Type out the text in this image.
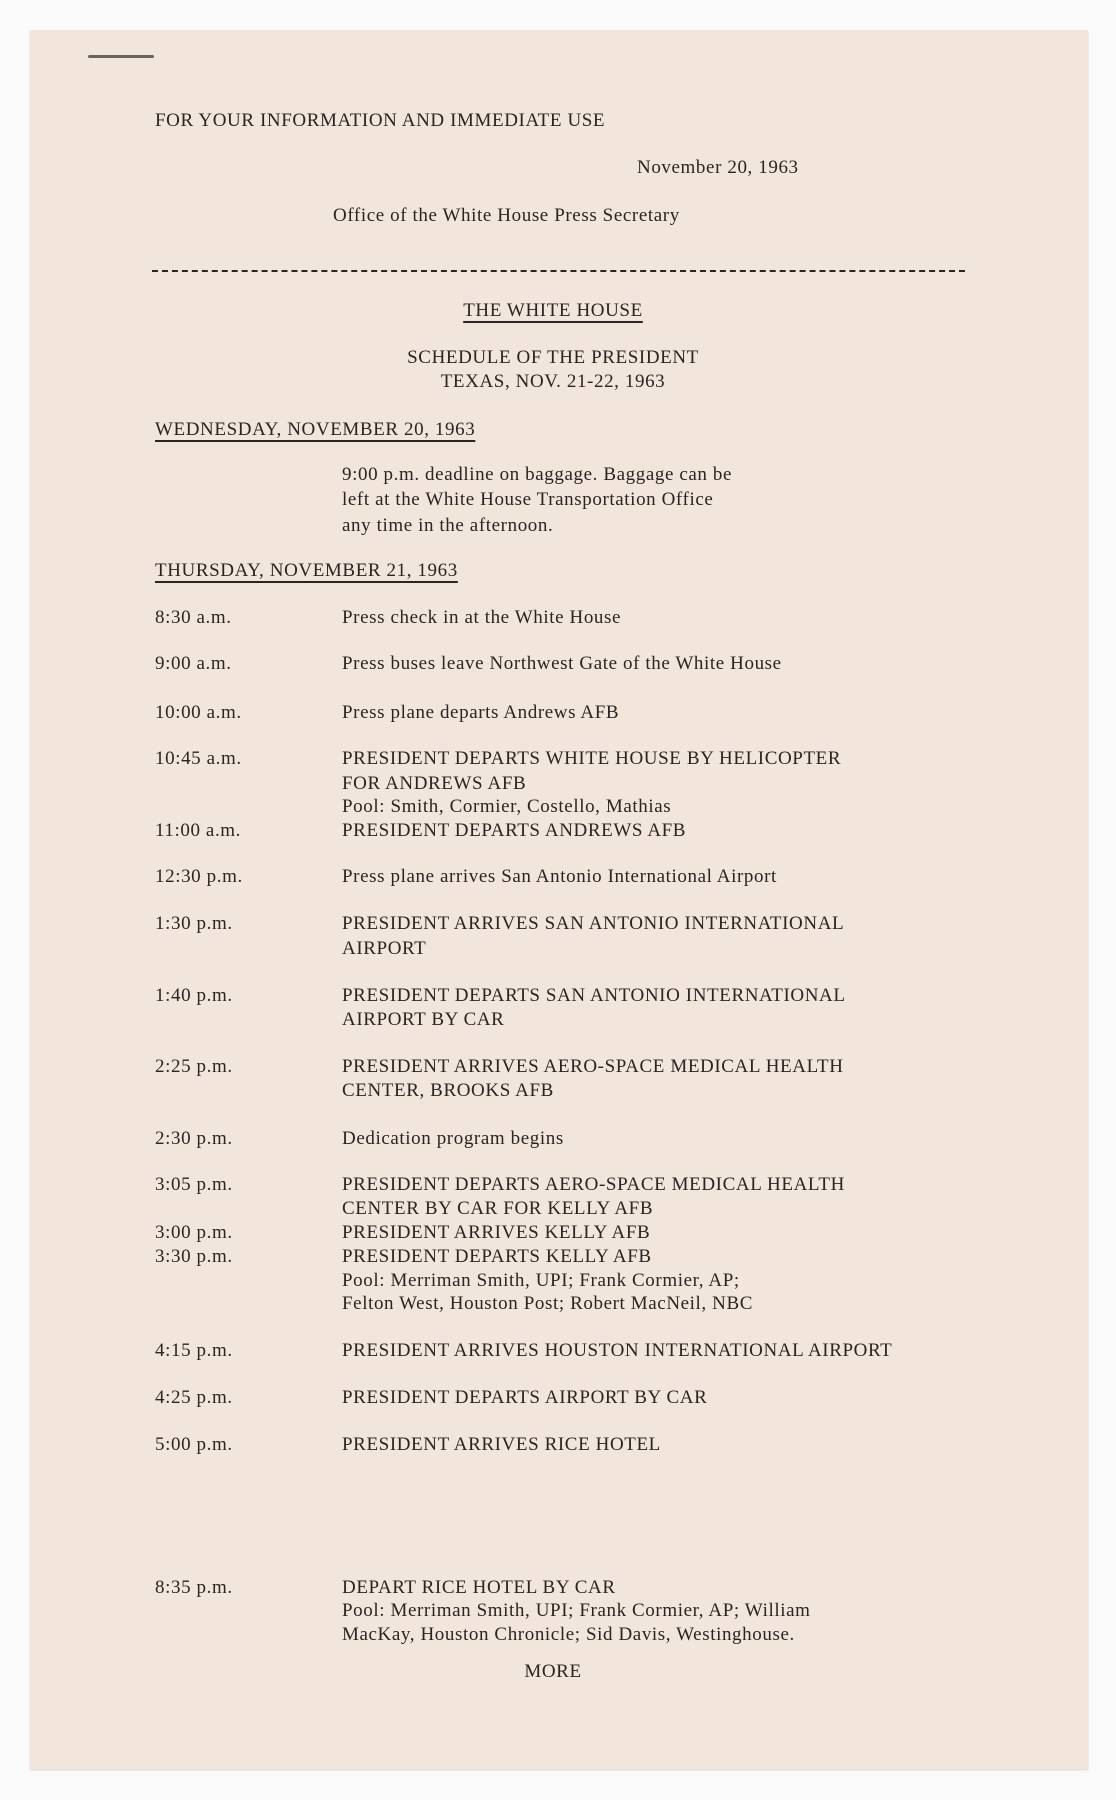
FOR YOUR INFORMATION AND IMMEDIATE USE
November 20, 1963
Office of the White House Press Secretary
THE WHITE HOUSE
SCHEDULE OF THE PRESIDENT
TEXAS, NOV. 21-22, 1963
WEDNESDAY, NOVEMBER 20, 1963
9:00 p.m. deadline on baggage. Baggage can be
left at the White House Transportation Office
any time in the afternoon.
THURSDAY, NOVEMBER 21, 1963
8:30 a.m.	Press check in at the White House
9:00 a.m.	Press buses leave Northwest Gate of the White House
10:00 a.m.	Press plane departs Andrews AFB
10:45 a.m.	PRESIDENT DEPARTS WHITE HOUSE BY HELICOPTER
FOR ANDREWS AFB
Pool: Smith, Cormier, Costello, Mathias
11:00 a.m.	PRESIDENT DEPARTS ANDREWS AFB
12:30 p.m.	Press plane arrives San Antonio International Airport
1:30 p.m.	PRESIDENT ARRIVES SAN ANTONIO INTERNATIONAL
AIRPORT
1:40 p.m.	PRESIDENT DEPARTS SAN ANTONIO INTERNATIONAL
AIRPORT BY CAR
2:25 p.m.	PRESIDENT ARRIVES AERO-SPACE MEDICAL HEALTH
CENTER, BROOKS AFB
2:30 p.m.	Dedication program begins
3:05 p.m.	PRESIDENT DEPARTS AERO-SPACE MEDICAL HEALTH
CENTER BY CAR FOR KELLY AFB
3:00 p.m.	PRESIDENT ARRIVES KELLY AFB
3:30 p.m.	PRESIDENT DEPARTS KELLY AFB
Pool: Merriman Smith, UPI; Frank Cormier, AP;
Felton West, Houston Post; Robert MacNeil, NBC
4:15 p.m.	PRESIDENT ARRIVES HOUSTON INTERNATIONAL AIRPORT
4:25 p.m.	PRESIDENT DEPARTS AIRPORT BY CAR
5:00 p.m.	PRESIDENT ARRIVES RICE HOTEL
8:35 p.m.	DEPART RICE HOTEL BY CAR
Pool: Merriman Smith, UPI; Frank Cormier, AP; William
MacKay, Houston Chronicle; Sid Davis, Westinghouse.
MORE
